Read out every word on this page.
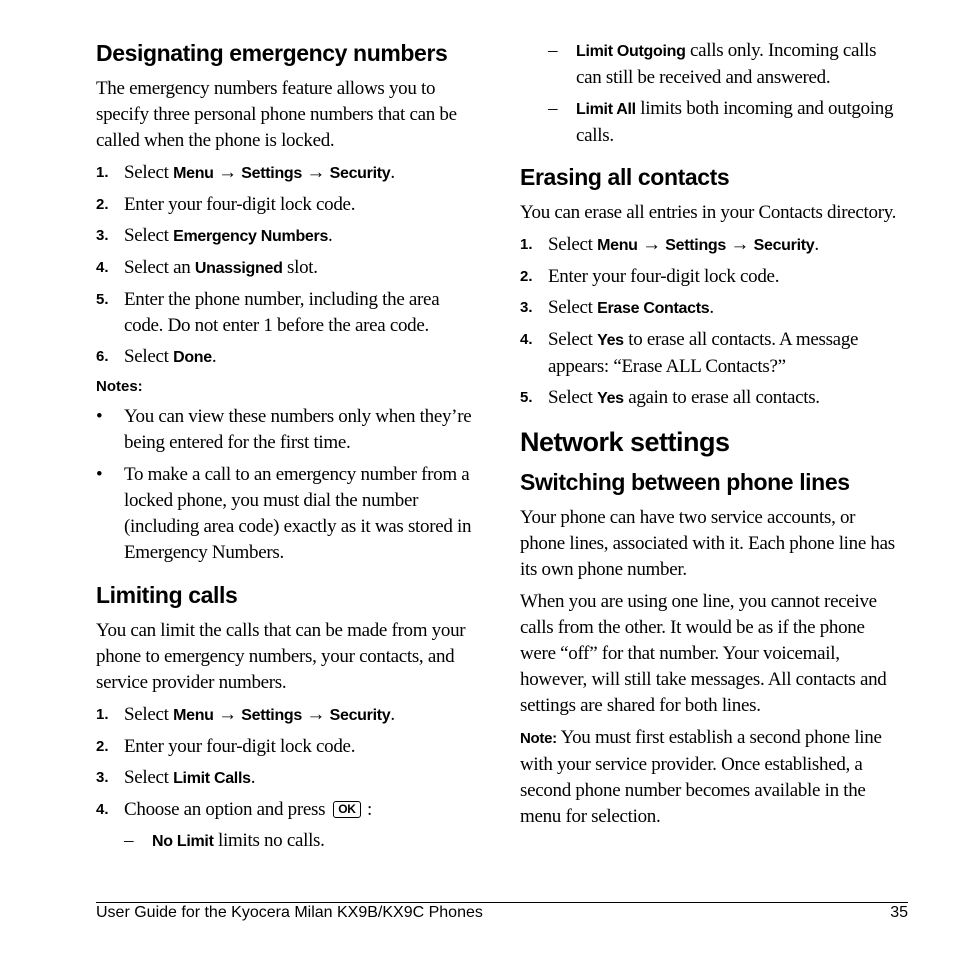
Designating emergency numbers

The emergency numbers feature allows you to specify three personal phone numbers that can be called when the phone is locked.

1. Select Menu → Settings → Security.
2. Enter your four-digit lock code.
3. Select Emergency Numbers.
4. Select an Unassigned slot.
5. Enter the phone number, including the area code. Do not enter 1 before the area code.
6. Select Done.
Notes:
•	You can view these numbers only when they’re being entered for the first time.
•	To make a call to an emergency number from a locked phone, you must dial the number (including area code) exactly as it was stored in Emergency Numbers.
Limiting calls

You can limit the calls that can be made from your phone to emergency numbers, your contacts, and service provider numbers.

1. Select Menu → Settings → Security.
2. Enter your four-digit lock code.
3. Select Limit Calls.
4. Choose an option and press OK :
–	No Limit limits no calls.
–	Limit Outgoing calls only. Incoming calls can still be received and answered.
–	Limit All limits both incoming and outgoing calls.
Erasing all contacts

You can erase all entries in your Contacts directory.

1. Select Menu → Settings → Security.
2. Enter your four-digit lock code.
3. Select Erase Contacts.
4. Select Yes to erase all contacts. A message appears: “Erase ALL Contacts?”
5. Select Yes again to erase all contacts.
Network settings
Switching between phone lines

Your phone can have two service accounts, or phone lines, associated with it. Each phone line has its own phone number.

When you are using one line, you cannot receive calls from the other. It would be as if the phone were “off” for that number. Your voicemail, however, will still take messages. All contacts and settings are shared for both lines.

Note: You must first establish a second phone line with your service provider. Once established, a second phone number becomes available in the menu for selection.

User Guide for the Kyocera Milan KX9B/KX9C Phones	35
